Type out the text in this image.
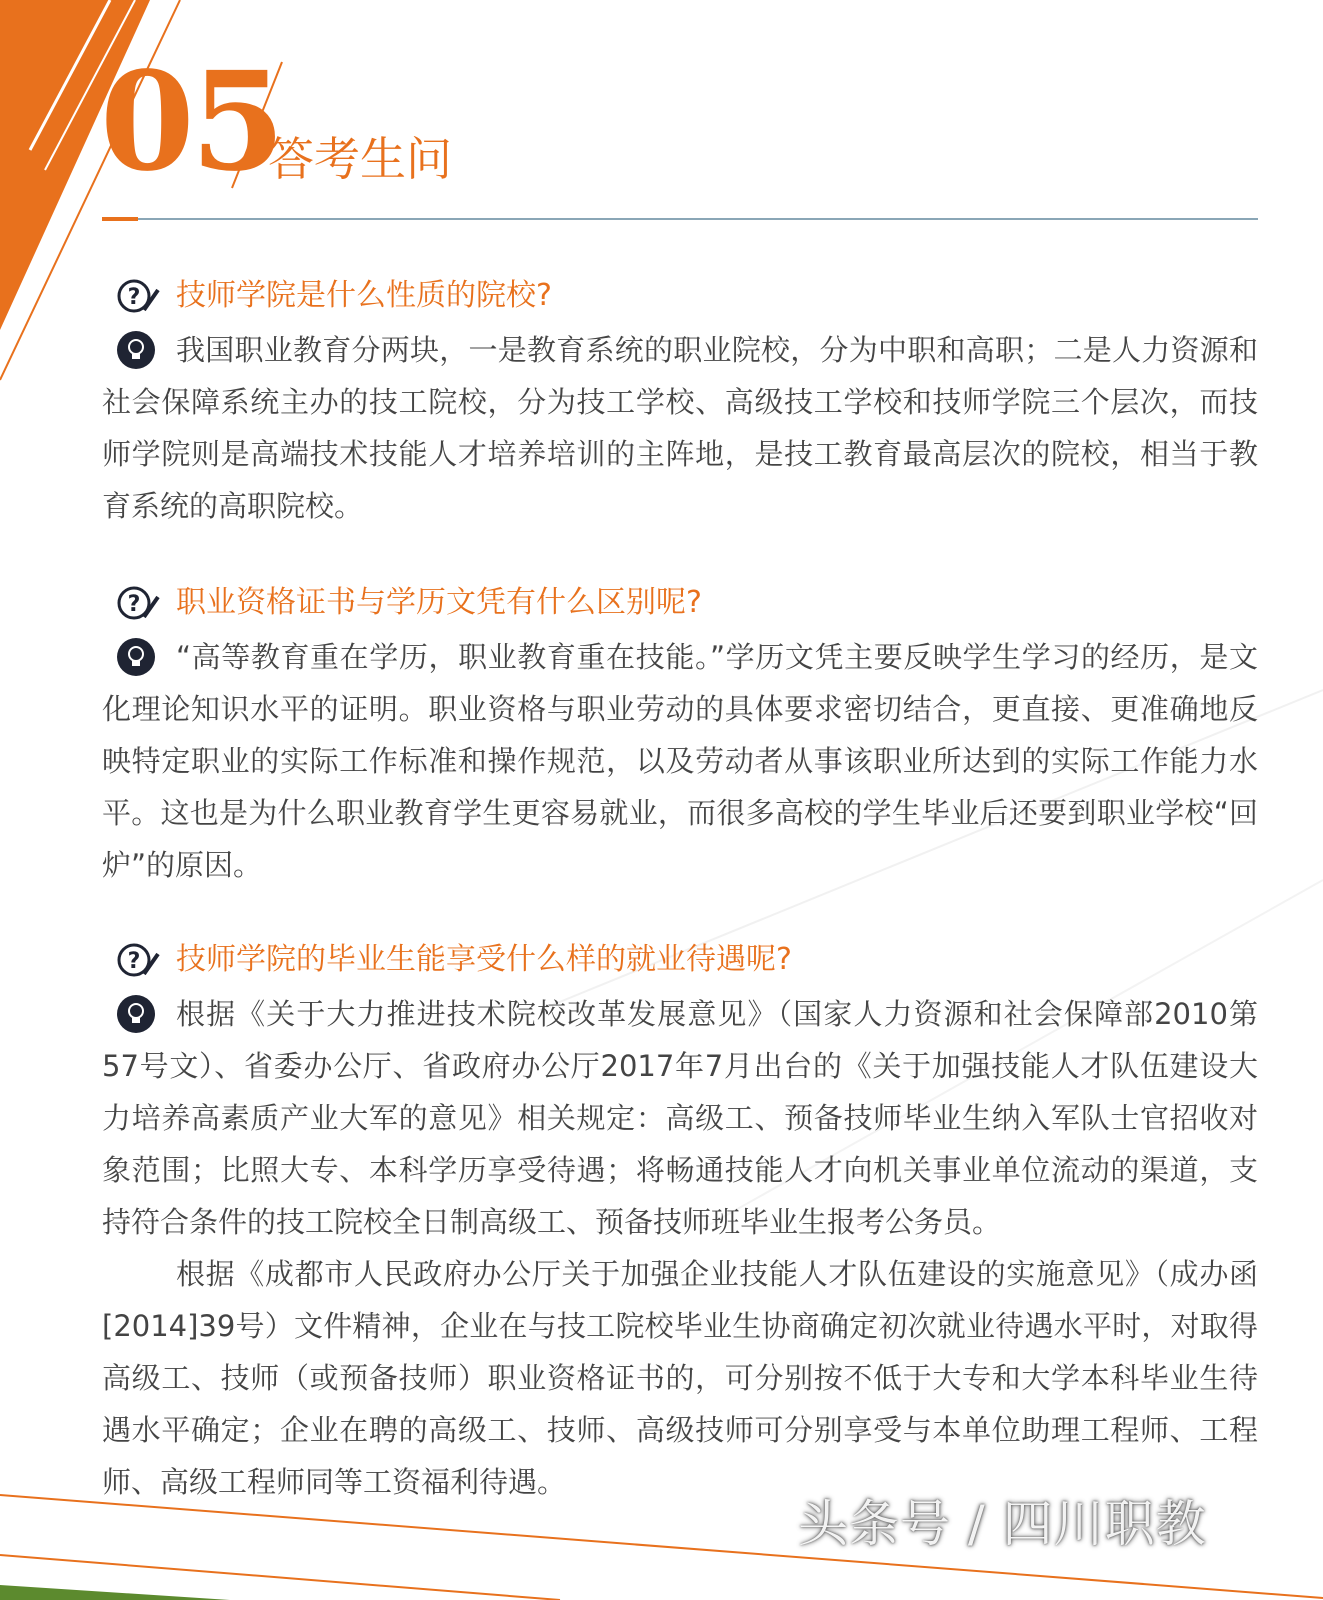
05
答考生问
? 技师学院是什么性质的院校?

我国职业教育分两块，一是教育系统的职业院校，分为中职和高职；二是人力资源和社会保障系统主办的技工院校，分为技工学校、高级技工学校和技师学院三个层次，而技师学院则是高端技术技能人才培养培训的主阵地，是技工教育最高层次的院校，相当于教育系统的高职院校。

? 职业资格证书与学历文凭有什么区别呢?

“高等教育重在学历，职业教育重在技能。”学历文凭主要反映学生学习的经历，是文化理论知识水平的证明。职业资格与职业劳动的具体要求密切结合，更直接、更准确地反映特定职业的实际工作标准和操作规范，以及劳动者从事该职业所达到的实际工作能力水平。这也是为什么职业教育学生更容易就业，而很多高校的学生毕业后还要到职业学校“回炉”的原因。

? 技师学院的毕业生能享受什么样的就业待遇呢?

根据《关于大力推进技术院校改革发展意见》（国家人力资源和社会保障部2010第57号文）、省委办公厅、省政府办公厅2017年7月出台的《关于加强技能人才队伍建设大力培养高素质产业大军的意见》相关规定：高级工、预备技师毕业生纳入军队士官招收对象范围；比照大专、本科学历享受待遇；将畅通技能人才向机关事业单位流动的渠道，支持符合条件的技工院校全日制高级工、预备技师班毕业生报考公务员。

根据《成都市人民政府办公厅关于加强企业技能人才队伍建设的实施意见》（成办函[2014]39号）文件精神，企业在与技工院校毕业生协商确定初次就业待遇水平时，对取得高级工、技师（或预备技师）职业资格证书的，可分别按不低于大专和大学本科毕业生待遇水平确定；企业在聘的高级工、技师、高级技师可分别享受与本单位助理工程师、工程师、高级工程师同等工资福利待遇。

头条号 / 四川职教
